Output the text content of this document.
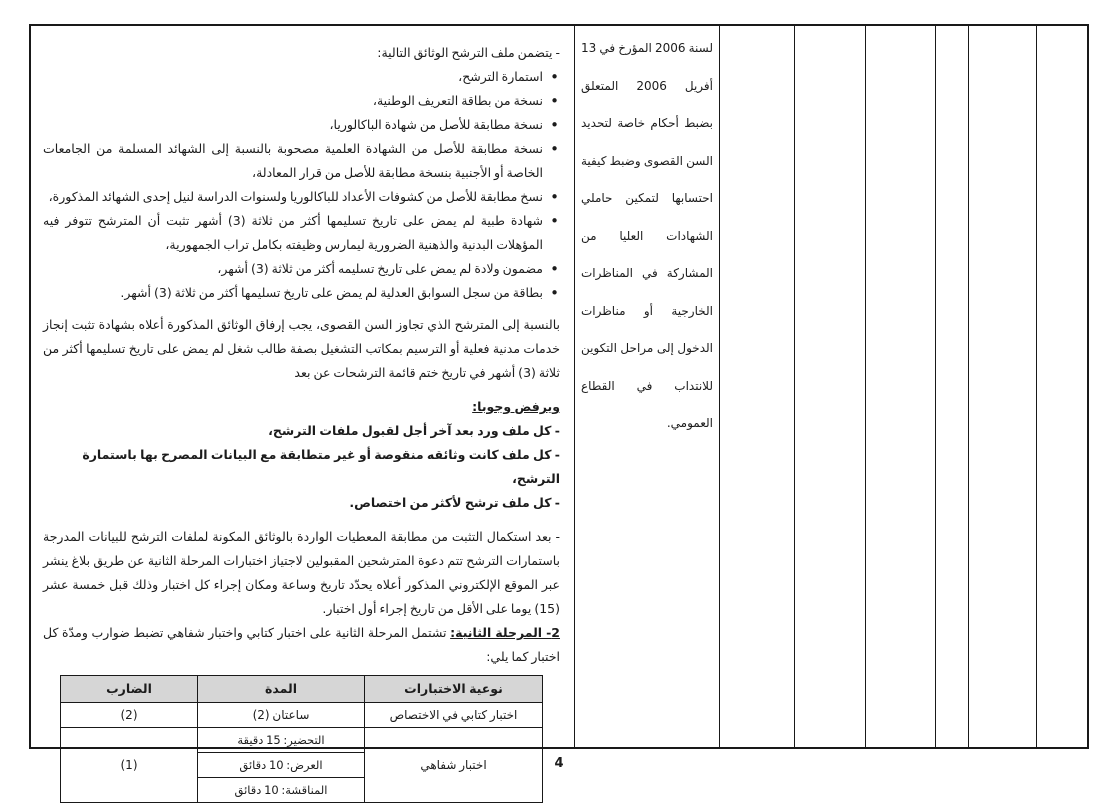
- يتضمن ملف الترشح الوثائق التالية:
• استمارة الترشح،
• نسخة من بطاقة التعريف الوطنية،
• نسخة مطابقة للأصل من شهادة الباكالوريا،
• نسخة مطابقة للأصل من الشهادة العلمية مصحوبة بالنسبة إلى الشهائد المسلمة من الجامعات الخاصة أو الأجنبية بنسخة مطابقة للأصل من قرار المعادلة،
• نسخ مطابقة للأصل من كشوفات الأعداد للباكالوريا ولسنوات الدراسة لنيل إحدى الشهائد المذكورة،
• شهادة طبية لم يمض على تاريخ تسليمها أكثر من ثلاثة (3) أشهر تثبت أن المترشح تتوفر فيه المؤهلات البدنية والذهنية الضرورية ليمارس وظيفته بكامل تراب الجمهورية،
• مضمون ولادة لم يمض على تاريخ تسليمه أكثر من ثلاثة (3) أشهر،
• بطاقة من سجل السوابق العدلية لم يمض على تاريخ تسليمها أكثر من ثلاثة (3) أشهر.
بالنسبة إلى المترشح الذي تجاوز السن القصوى، يجب إرفاق الوثائق المذكورة أعلاه بشهادة تثبت إنجاز خدمات مدنية فعلية أو الترسيم بمكاتب التشغيل بصفة طالب شغل لم يمض على تاريخ تسليمها أكثر من ثلاثة (3) أشهر في تاريخ ختم قائمة الترشحات عن بعد
ويرفض وجوبا:
- كل ملف ورد بعد آخر أجل لقبول ملفات الترشح،
- كل ملف كانت وثائقه منقوصة أو غير متطابقة مع البيانات المصرح بها باستمارة الترشح،
- كل ملف ترشح لأكثر من اختصاص.
- بعد استكمال التثبت من مطابقة المعطيات الواردة بالوثائق المكونة لملفات الترشح للبيانات المدرجة باستمارات الترشح تتم دعوة المترشحين المقبولين لاجتياز اختبارات المرحلة الثانية عن طريق بلاغ ينشر عبر الموقع الإلكتروني المذكور أعلاه يحدّد تاريخ وساعة ومكان إجراء كل اختبار وذلك قبل خمسة عشر (15) يوما على الأقل من تاريخ إجراء أول اختبار.
2- المرحلة الثانية: تشتمل المرحلة الثانية على اختبار كتابي واختبار شفاهي تضبط ضوارب ومدّة كل اختبار كما يلي:
نوعية الاختبارات	المدة	الضارب
اختبار كتابي في الاختصاص	ساعتان (2)	(2)
اختبار شفاهي	التحضير: 15 دقيقة	(1)
	العرض: 10 دقائق	
	المناقشة: 10 دقائق	
لسنة 2006 المؤرخ في 13 أفريل 2006 المتعلق بضبط أحكام خاصة لتحديد السن القصوى وضبط كيفية احتسابها لتمكين حاملي الشهادات العليا من المشاركة في المناظرات الخارجية أو مناظرات الدخول إلى مراحل التكوين للانتداب في القطاع العمومي.
4
